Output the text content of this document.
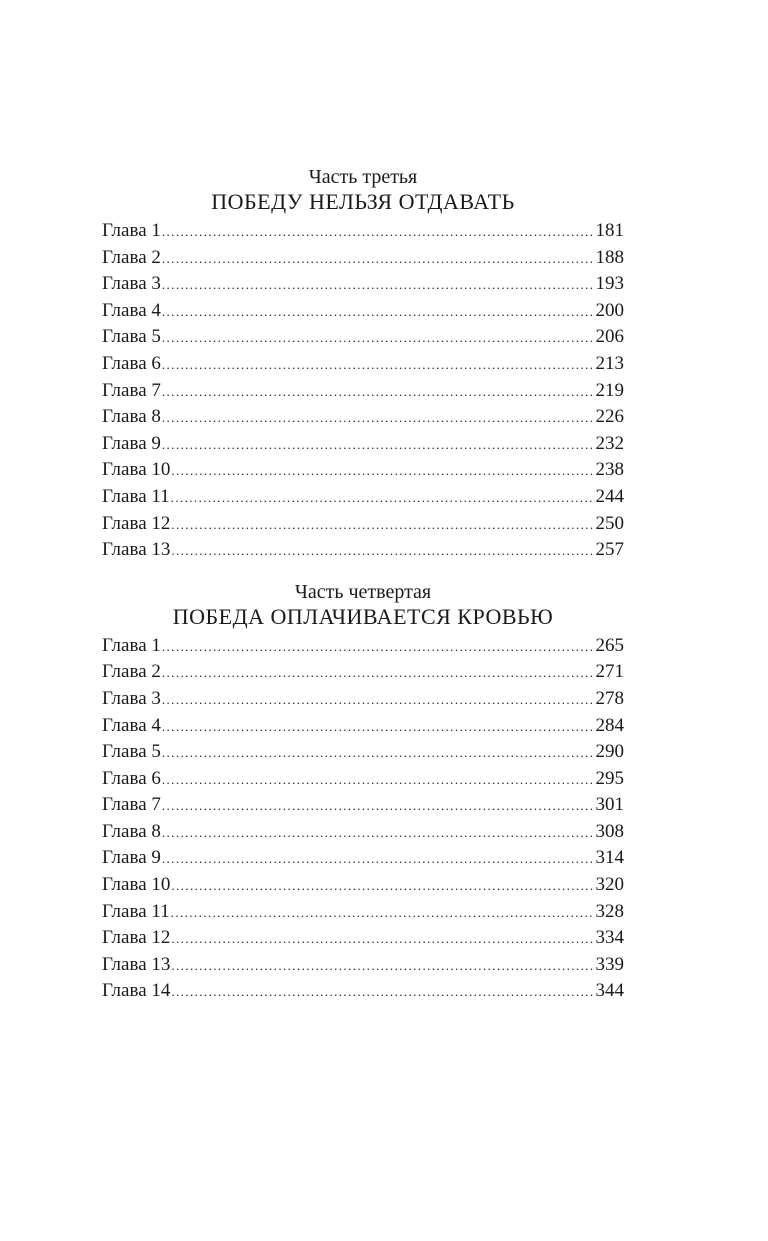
Часть третья
ПОБЕДУ НЕЛЬЗЯ ОТДАВАТЬ
Глава 1 .....	181
Глава 2 .....	188
Глава 3 .....	193
Глава 4 .....	200
Глава 5 .....	206
Глава 6 .....	213
Глава 7 .....	219
Глава 8 .....	226
Глава 9 .....	232
Глава 10 .....	238
Глава 11 .....	244
Глава 12 .....	250
Глава 13 .....	257
Часть четвертая
ПОБЕДА ОПЛАЧИВАЕТСЯ КРОВЬЮ
Глава 1 .....	265
Глава 2 .....	271
Глава 3 .....	278
Глава 4 .....	284
Глава 5 .....	290
Глава 6 .....	295
Глава 7 .....	301
Глава 8 .....	308
Глава 9 .....	314
Глава 10 .....	320
Глава 11 .....	328
Глава 12 .....	334
Глава 13 .....	339
Глава 14 .....	344
